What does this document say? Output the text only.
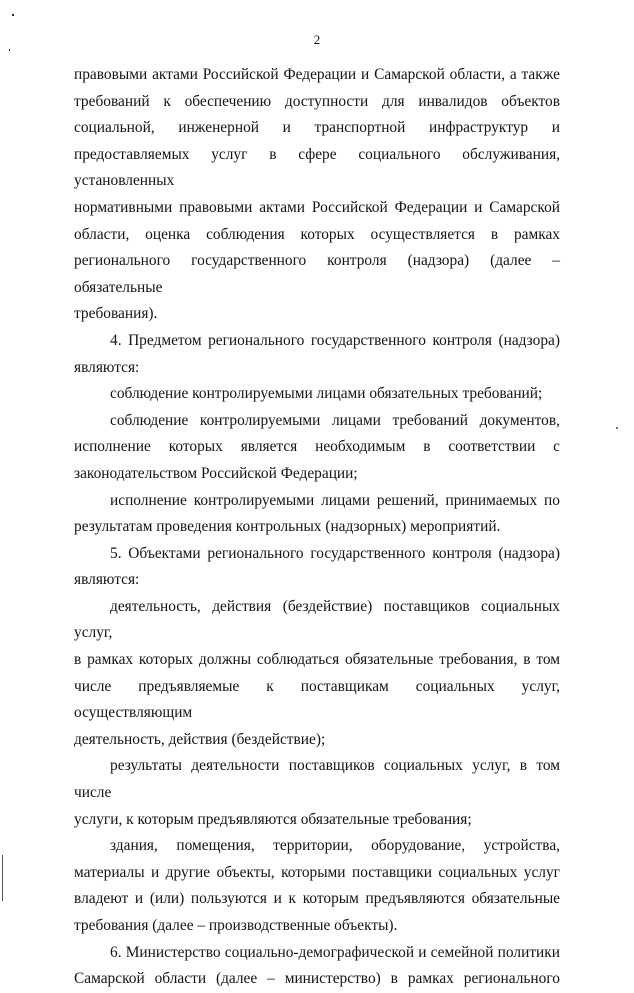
2

правовыми актами Российской Федерации и Самарской области, а также
требований к обеспечению доступности для инвалидов объектов
социальной, инженерной и транспортной инфраструктур и
предоставляемых услуг в сфере социального обслуживания, установленных
нормативными правовыми актами Российской Федерации и Самарской
области, оценка соблюдения которых осуществляется в рамках
регионального государственного контроля (надзора) (далее – обязательные
требования).

4. Предметом регионального государственного контроля (надзора)
являются:

соблюдение контролируемыми лицами обязательных требований;

соблюдение контролируемыми лицами требований документов,
исполнение которых является необходимым в соответствии с
законодательством Российской Федерации;

исполнение контролируемыми лицами решений, принимаемых по
результатам проведения контрольных (надзорных) мероприятий.

5. Объектами регионального государственного контроля (надзора)
являются:

деятельность, действия (бездействие) поставщиков социальных услуг,
в рамках которых должны соблюдаться обязательные требования, в том
числе предъявляемые к поставщикам социальных услуг, осуществляющим
деятельность, действия (бездействие);

результаты деятельности поставщиков социальных услуг, в том числе
услуги, к которым предъявляются обязательные требования;

здания, помещения, территории, оборудование, устройства,
материалы и другие объекты, которыми поставщики социальных услуг
владеют и (или) пользуются и к которым предъявляются обязательные
требования (далее – производственные объекты).

6. Министерство социально-демографической и семейной политики
Самарской области (далее – министерство) в рамках регионального
